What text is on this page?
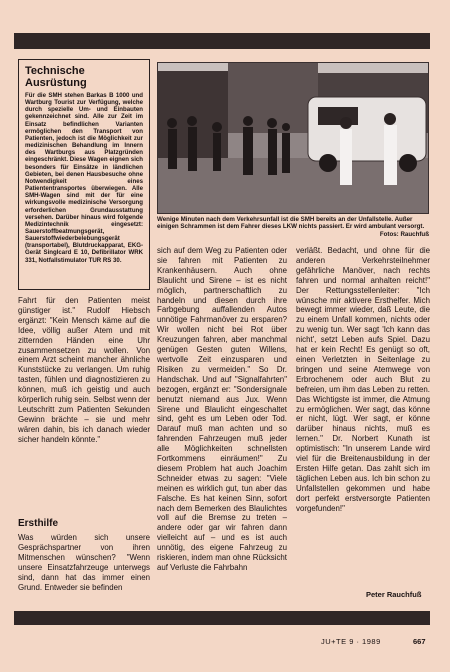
Technische Ausrüstung

Für die SMH stehen Barkas B 1000 und Wartburg Tourist zur Verfügung, welche durch spezielle Um- und Einbauten gekennzeichnet sind. Alle zur Zeit im Einsatz befindlichen Varianten ermöglichen den Transport von Patienten, jedoch ist die Möglichkeit zur medizinischen Behandlung im Innern des Wartburgs aus Platzgründen eingeschränkt. Diese Wagen eignen sich besonders für Einsätze in ländlichen Gebieten, bei denen Hausbesuche ohne Notwendigkeit eines Patiententransportes überwiegen. Alle SMH-Wagen sind mit der für eine wirkungsvolle medizinische Versorgung erforderlichen Grundausstattung versehen. Darüber hinaus wird folgende Medizintechnik eingesetzt: Sauerstoffbeatmungsgerät, Sauerstoffwiederbelebungsgerät (transportabel), Blutdruckapparat, EKG-Gerät Singlcard E 10, Defibrillator WRK 331, Notfallstimulator TUR RS 30.

Wenige Minuten nach dem Verkehrsunfall ist die SMH bereits an der Unfallstelle. Außer einigen Schrammen ist dem Fahrer dieses LKW nichts passiert. Er wird ambulant versorgt.
Fotos: Rauchfuß

Fahrt für den Patienten meist günstiger ist." Rudolf Hiebsch ergänzt: "Kein Mensch käme auf die Idee, völlig außer Atem und mit zitternden Händen eine Uhr zusammensetzen zu wollen. Von einem Arzt scheint mancher ähnliche Kunststücke zu verlangen. Um ruhig tasten, fühlen und diagnostizieren zu können, muß ich geistig und auch körperlich ruhig sein. Selbst wenn der Leutschritt zum Patienten Sekunden Gewinn brächte – sie und mehr wären dahin, bis ich danach wieder sicher handeln könnte."

Ersthilfe

Was würden sich unsere Gesprächspartner von ihren Mitmenschen wünschen? "Wenn unsere Einsatzfahrzeuge unterwegs sind, dann hat das immer einen Grund. Entweder sie befinden

sich auf dem Weg zu Patienten oder sie fahren mit Patienten zu Krankenhäusern. Auch ohne Blaulicht und Sirene – ist es nicht möglich, partnerschaftlich zu handeln und diesen durch ihre Farbgebung auffallenden Autos unnötige Fahrmanöver zu ersparen? Wir wollen nicht bei Rot über Kreuzungen fahren, aber manchmal genügen Gesten guten Willens, wertvolle Zeit einzusparen und Risiken zu vermeiden." So Dr. Handschak. Und auf "Signalfahrten" bezogen, ergänzt er: "Sondersignale benutzt niemand aus Jux. Wenn Sirene und Blaulicht eingeschaltet sind, geht es um Leben oder Tod. Darauf muß man achten und so fahrenden Fahrzeugen muß jeder alle Möglichkeiten schnellsten Fortkommens einräumen!" Zu diesem Problem hat auch Joachim Schneider etwas zu sagen: "Viele meinen es wirklich gut, tun aber das Falsche. Es hat keinen Sinn, sofort nach dem Bemerken des Blaulichtes voll auf die Bremse zu treten – andere oder gar wir fahren dann vielleicht auf – und es ist auch unnötig, des eigene Fahrzeug zu riskieren, indem man ohne Rücksicht auf Verluste die Fahrbahn

verläßt. Bedacht, und ohne für die anderen Verkehrsteilnehmer gefährliche Manöver, nach rechts fahren und normal anhalten reicht!" Der Rettungsstellenleiter: "Ich wünsche mir aktivere Ersthelfer. Mich bewegt immer wieder, daß Leute, die zu einem Unfall kommen, nichts oder zu wenig tun. Wer sagt 'Ich kann das nicht', setzt Leben aufs Spiel. Dazu hat er kein Recht! Es genügt so oft, einen Verletzten in Seitenlage zu bringen und seine Atemwege von Erbrochenem oder auch Blut zu befreien, um ihm das Leben zu retten. Das Wichtigste ist immer, die Atmung zu ermöglichen. Wer sagt, das könne er nicht, lügt. Wer sagt, er könne darüber hinaus nichts, muß es lernen." Dr. Norbert Kunath ist optimistisch: "In unserem Lande wird viel für die Breitenausbildung in der Ersten Hilfe getan. Das zahlt sich im täglichen Leben aus. Ich bin schon zu Unfallstellen gekommen und habe dort perfekt erstversorgte Patienten vorgefunden!"

Peter Rauchfuß
JU+TE 9 · 1989	667
